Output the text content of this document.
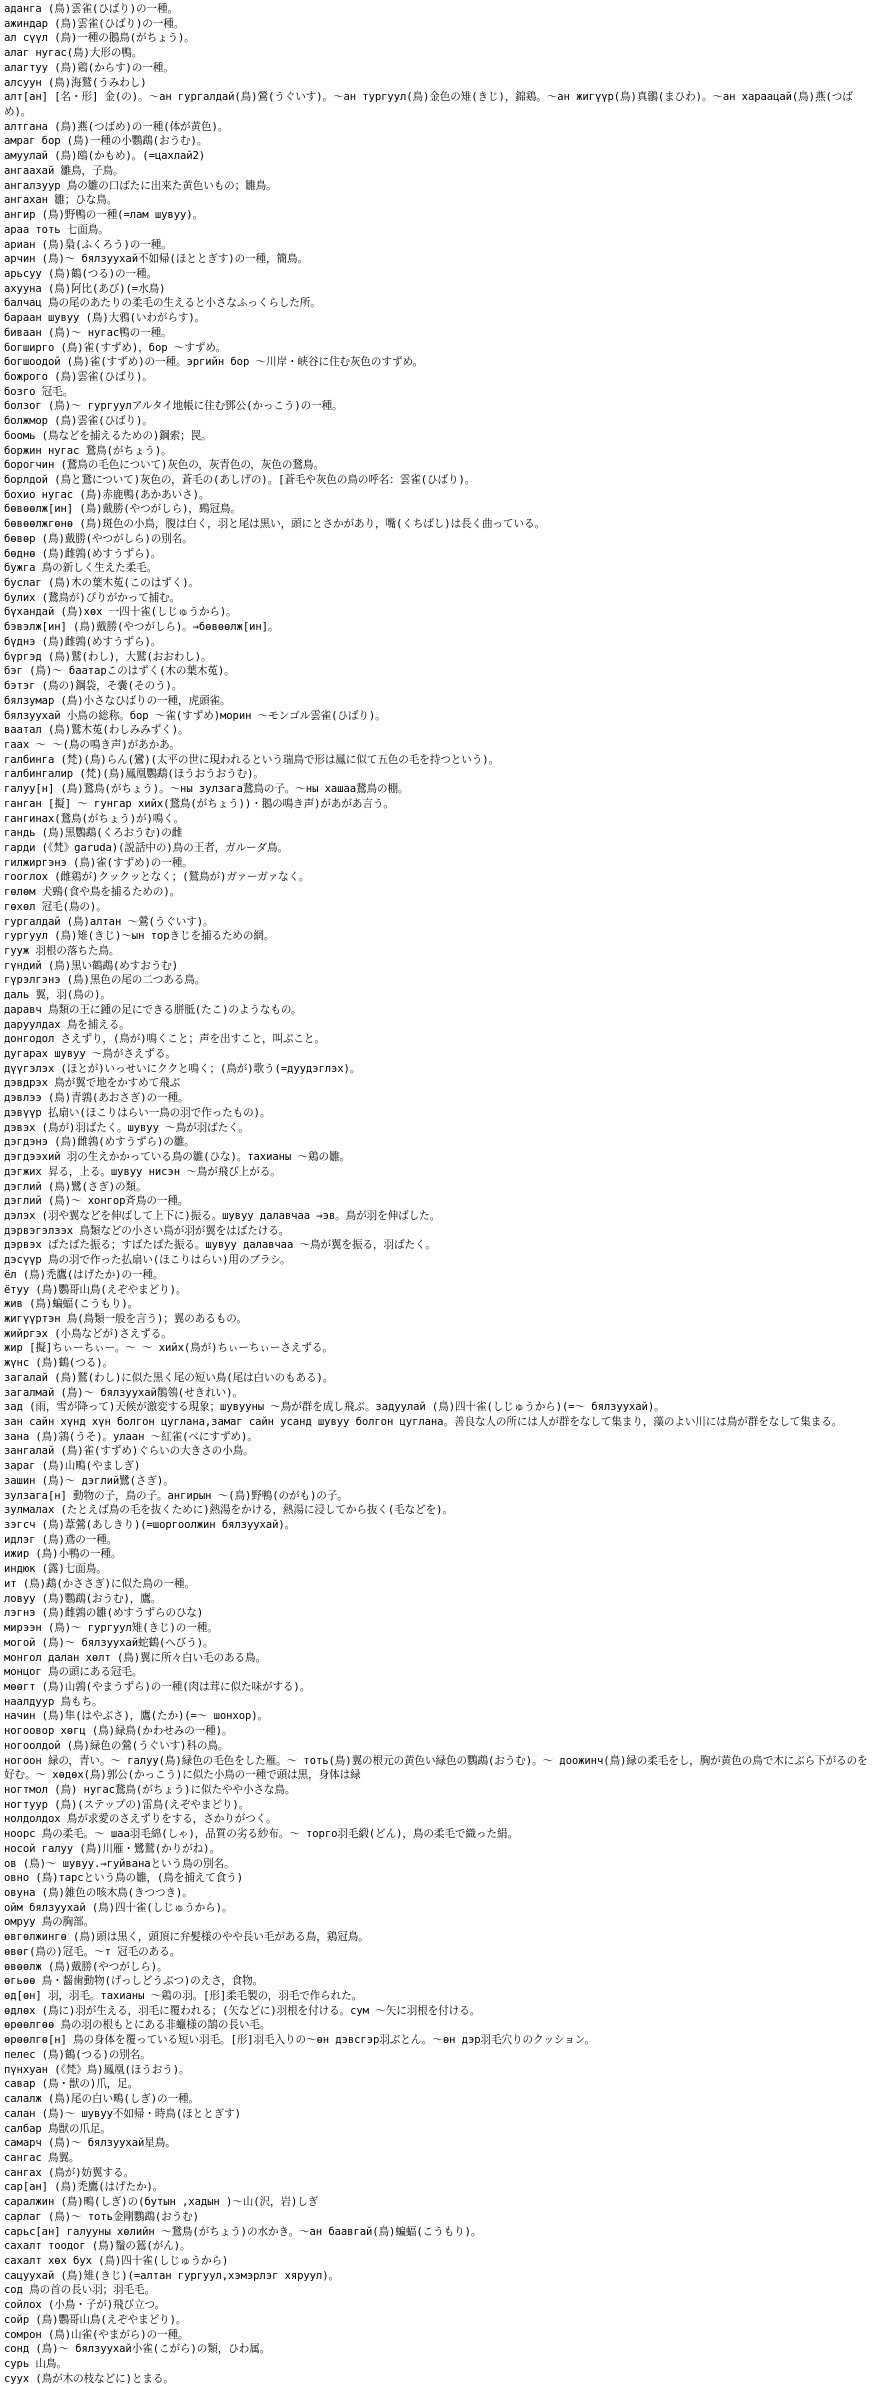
аданга (鳥)雲雀(ひばり)の一種。
ажиндар (鳥)雲雀(ひばり)の一種。
ал сүүл (鳥)一種の鵝鳥(がちょう)。
алаг нугас(鳥)大形の鴨。
алагтуу (鳥)鶏(からす)の一種。
алсуун (鳥)海鷲(うみわし)
алт[ан] [名・形] 金(の)。～ан гургалдай(鳥)鶯(うぐいす)。～ан тургуул(鳥)金色の雉(きじ)，錦鶏。～ан жигүүр(鳥)真鶸(まひわ)。～ан хараацай(鳥)燕(つばめ)。
алтгана (鳥)燕(つばめ)の一種(体が黄色)。
амраг бор (鳥)一種の小鸚鵡(おうむ)。
амуулай (鳥)鴎(かもめ)。(=цахлай2)
ангаахай 雛鳥，子鳥。
ангалзуур 鳥の雛の口ばたに出来た黄色いもの；雛鳥。
ангахан 雛；ひな鳥。
ангир (鳥)野鴨の一種(=лам шувуу)。
араа тоть 七面鳥。
ариан (鳥)梟(ふくろう)の一種。
арчин (鳥)～ бялзуухай不如帰(ほととぎす)の一種，簡鳥。
арьсуу (鳥)鶴(つる)の一種。
ахууна (鳥)阿比(あび)(=水鳥)
балчац 鳥の尾のあたりの柔毛の生えると小さなふっくらした所。
бараан шувуу (鳥)大鴉(いわがらす)。
бивaан (鳥)～ нугас鴨の一種。
богширго (鳥)雀(すずめ)，бор ～すずめ。
богшоодой (鳥)雀(すずめ)の一種。эргийн бор ～川岸・峡谷に住む灰色のすずめ。
божрого (鳥)雲雀(ひばり)。
бозго 冠毛。
болзог (鳥)～ гургуулアルタイ地帳に住む鄧公(かっこう)の一種。
болжмор (鳥)雲雀(ひばり)。
боомь (鳥などを捕えるための)鋼索；罠。
боржин нугас 鵞鳥(がちょう)。
борогчин (鵞鳥の毛色について)灰色の，灰青色の，灰色の鵞鳥。
борлдой (鳥と鵞について)灰色の，蒼毛の(あしげの)。[蒼毛や灰色の鳥の呼名：雲雀(ひばり)。
бохио нугас (鳥)赤鹿鴨(あかあいさ)。
бөвөөлж[ин] (鳥)戴勝(やつがしら)，鵐冠鳥。
бөвөөлжгөнө (鳥)斑色の小鳥，腹は白く，羽と尾は黒い，頭にとさかがあり，嘴(くちばし)は長く曲っている。
бөвөр (鳥)戴勝(やつがしら)の別名。
бөднө (鳥)雌鶉(めすうずら)。
бужга 鳥の新しく生えた柔毛。
буслаг (鳥)木の葉木菟(このはずく)。
булих (鵞鳥が)ぴりがかって捕む。
бүхандай (鳥)хөх 一四十雀(しじゅうから)。
бэвэлж[ин] (鳥)戴勝(やつがしら)。→бөвөөлж[ин]。
бүднэ (鳥)雌鶉(めすうずら)。
бүргэд (鳥)鷲(わし)，大鷲(おおわし)。
бэг (鳥)～ баатарこのはずく(木の葉木菟)。
бэтэг (鳥の)鋼袋，そ嚢(そのう)。
бялзумар (鳥)小さなひばりの一種，虎頭雀。
бялзуухай 小鳥の総称。бор ～雀(すずめ)морин ～モンゴル雲雀(ひばり)。
ваатал (鳥)鷲木菟(わしみみずく)。
гаах ～ ～(鳥の鳴き声)があかあ。
галбингa (梵)(鳥)らん(鸞)(太平の世に現われるという瑞鳥で形は鳳に似て五色の毛を持つという)。
галбингалир (梵)(鳥)鳳凰鸚鵡(ほうおうおうむ)。
галуу[н] (鳥)鵞鳥(がちょう)。～ны зулзага鵞鳥の子。～ны хашаа鵞鳥の棚。
ганган [擬] ～ гунгар хийх(鵞鳥(がちょう))・鵝の鳴き声)があがあ言う。
гангинах(鵞鳥(がちょう)が)鳴く。
гандь (鳥)黒鸚鵡(くろおうむ)の雌
гарди (《梵》garuda)(説話中の)鳥の王者，ガルーダ鳥。
гилжиргэнэ (鳥)雀(すずめ)の一種。
гооглох (雌鶏が)クックッとなく；(鷲鳥が)ガァーガァなく。
гөлөм 犬鵐(食や鳥を捕るための)。
гөхөл 冠毛(鳥の)。
гургалдай (鳥)алтан ～鶯(うぐいす)。
гургуул (鳥)雉(きじ)～ын торきじを捕るための網。
гууж 羽根の落ちた鳥。
гүндий (鳥)黒い鶴鵡(めすおうむ)
гүрэлгэнэ (鳥)黒色の尾の二つある鳥。
даль 翼，羽(鳥の)。
даравч 鳥類の王に鍾の足にできる胼胝(たこ)のようなもの。
даруулдах 鳥を捕える。
донгодол さえずり，(鳥が)鳴くこと；声を出すこと，叫ぶこと。
дугарах шувуу ～鳥がさえずる。
дүүгэлэх (ほとが)いっせいにククと鳴く；(鳥が)歌う(=дуудэглэх)。
дэвдрэх 鳥が翼で地をかすめて飛ぶ
дэвлээ (鳥)青鶉(あおさぎ)の一種。
дэвүүр 払扇い(ほこりはらい一鳥の羽で作ったもの)。
дэвэх (鳥が)羽ばたく。шувуу ～鳥が羽ばたく。
дэгдэнэ (鳥)雌鶉(めすうずら)の雛。
дэгдээхий 羽の生えかかっている鳥の雛(ひな)。тахианы ～鶏の雛。
дэгжих 昇る，上る。шувуу нисэн ～鳥が飛び上がる。
дэглий (鳥)鷺(さぎ)の類。
дэглий (鳥)～ хонгор斉鳥の一種。
дэлэх (羽や翼などを伸ばして上下に)振る。шувуу далавчаа →эв。鳥が羽を伸ばした。
дэрвэгэлзэх 鳥類などの小さい鳥が羽が翼をはばたける。
дэрвэх ばたばた振る；すばたばた振る。шувуу далавчаа ～鳥が翼を振る，羽ばたく。
дэсүүр 鳥の羽で作った払扇い(ほこりはらい)用のブラシ。
ёл (鳥)禿鷹(はげたか)の一種。
ётуу (鳥)鸚哥山鳥(えぞやまどり)。
жив (鳥)蝙蝠(こうもり)。
жигүүртэн 鳥(鳥類一般を言う)；翼のあるもの。
жийргэх (小鳥などが)さえずる。
жир [擬]ちぃーちぃー。～ ～ хийх(鳥が)ちぃーちぃーさえずる。
жүнс (鳥)鶴(つる)。
загалай (鳥)鷲(わし)に似た黒く尾の短い鳥(尾は白いのもある)。
загалмай (鳥)～ бялзуухай鶺鴒(せきれい)。
зад (雨，雪が降って)天候が激変する現象；шувууны ～鳥が群を成し飛ぶ。задуулай (鳥)四十雀(しじゅうから)(=～ бялзуухай)。
зан сайн хүнд хүн болгон цуглана,замаг сайн усанд шувуу болгон цуглана。善良な人の所には人が群をなして集まり，藻のよい川には鳥が群をなして集まる。
зана (鳥)鶎(うそ)。улаан ～紅雀(べにすずめ)。
зангалай (鳥)雀(すずめ)ぐらいの大きさの小鳥。
зараг (鳥)山鴫(やましぎ)
зашин (鳥)～ дэглий鷺(さぎ)。
зулзага[н] 動物の子，鳥の子。ангирын ～(鳥)野鴨(のがも)の子。
зулмалах (たとえば鳥の毛を抜くために)熱湯をかける，熱湯に浸してから抜く(毛などを)。
зэгсч (鳥)葦鶯(あしきり)(=шоргоолжин бялзуухай)。
идлэг (鳥)鳶の一種。
ижир (鳥)小鴨の一種。
индюк (露)七面鳥。
ит (鳥)鵡(かささぎ)に似た鳥の一種。
ловуу (鳥)鸚鵡(おうむ)，鷹。
лэгнэ (鳥)雌鶉の雛(めすうずらのひな)
мирээн (鳥)～ гургуул雉(きじ)の一種。
могой (鳥)～ бялзуухай蛇鶴(へびう)。
монгол далан хөлт (鳥)翼に所々白い毛のある鳥。
монцог 鳥の頭にある冠毛。
мөөгт (鳥)山鶉(やまうずら)の一種(肉は茸に似た味がする)。
наалдуур 鳥もち。
начин (鳥)隼(はやぶさ)，鷹(たか)(=～ шонхор)。
ногоовор хөгц (鳥)緑鳥(かわせみの一種)。
ногоолдой (鳥)緑色の鶯(うぐいす)科の鳥。
ногоон 緑の，青い。～ галуу(鳥)緑色の毛色をした雁。～ тоть(鳥)翼の根元の黄色い緑色の鸚鵡(おうむ)。～ доожинч(鳥)緑の柔毛をし，胸が黄色の鳥で木にぶら下がるのを好む。～ хөдөх(鳥)郭公(かっこう)に似た小鳥の一種で頭は黒，身体は緑
ногтмол (鳥) нугас鵞鳥(がちょう)に似たやや小さな鳥。
ногтуур (鳥)(ステップの)雷鳥(えぞやまどり)。
нолдолдох 鳥が求愛のさえずりをする，さかりがつく。
ноорс 鳥の柔毛。～ шаа羽毛綿(しゃ)，品質の劣る紗布。～ торго羽毛緞(どん)，鳥の柔毛で織った絹。
носой галуу (鳥)川雁・鷺鷲(かりがね)。
ов (鳥)～ шувуу.→гуйванаという鳥の別名。
овно (鳥)тарсという鳥の雛，(鳥を捕えて食う)
овуна (鳥)雑色の咳木鳥(きつつき)。
ойм бялзуухай (鳥)四十雀(しじゅうから)。
омруу 鳥の胸部。
өвгөлжингө (鳥)頭は黒く，頭頂に弁髪様のやや長い毛がある鳥，鶏冠鳥。
өвөг(鳥の)冠毛。～т 冠毛のある。
өвөөлж (鳥)戴勝(やつがしら)。
өгьөө 鳥・齧歯動物(げっしどうぶつ)のえさ，食物。
өд[өн] 羽，羽毛。тахианы ～鶏の羽。[形]柔毛製の，羽毛で作られた。
өдлөх (鳥に)羽が生える，羽毛に覆われる；(矢などに)羽根を付ける。сум ～矢に羽根を付ける。
өрөөлгөө 鳥の羽の根もとにある非蠟様の鵠の長い毛。
өрөөлгө[н] 鳥の身体を覆っている短い羽毛。[形]羽毛入りの～өн дэвсгэр羽ぶとん。～өн дэр羽毛穴りのクッション。
пелес (鳥)鶴(つる)の別名。
пүнхуан (《梵》鳥)鳳凰(ほうおう)。
савар (鳥・獣の)爪，足。
салалж (鳥)尾の白い鴫(しぎ)の一種。
салан (鳥)～ шувуу不如帰・時鳥(ほととぎす)
салбар 鳥獣の爪足。
самарч (鳥)～ бялзуухай星鳥。
сангас 鳥翼。
сангах (鳥が)妨翼する。
сар[ан] (鳥)禿鷹(はげたか)。
саралжин (鳥)鴫(しぎ)の(бутын ,хадын )～山(沢，岩)しぎ
сарлаг (鳥)～ тоть金剛鸚鵡(おうむ)
сарьс[ан] галууны хөлийн ～鵞鳥(がちょう)の水かき。～ан баавгай(鳥)蝙蝠(こうもり)。
сахалт тоодог (鳥)鬚の鵟(がん)。
сахалт хөх бух (鳥)四十雀(しじゅうから)
сацуухай (鳥)雉(きじ)(=алтан гургуул,хэмэрлэг хяруул)。
сод 鳥の首の長い羽；羽毛毛。
сойлох (小鳥・子が)飛び立つ。
сойр (鳥)鸚哥山鳥(えぞやまどり)。
сомрон (鳥)山雀(やまがら)の一種。
сонд (鳥)～ бялзуухай小雀(こがら)の類，ひわ属。
сурь 山鳥。
суух (鳥が木の枝などに)とまる。
